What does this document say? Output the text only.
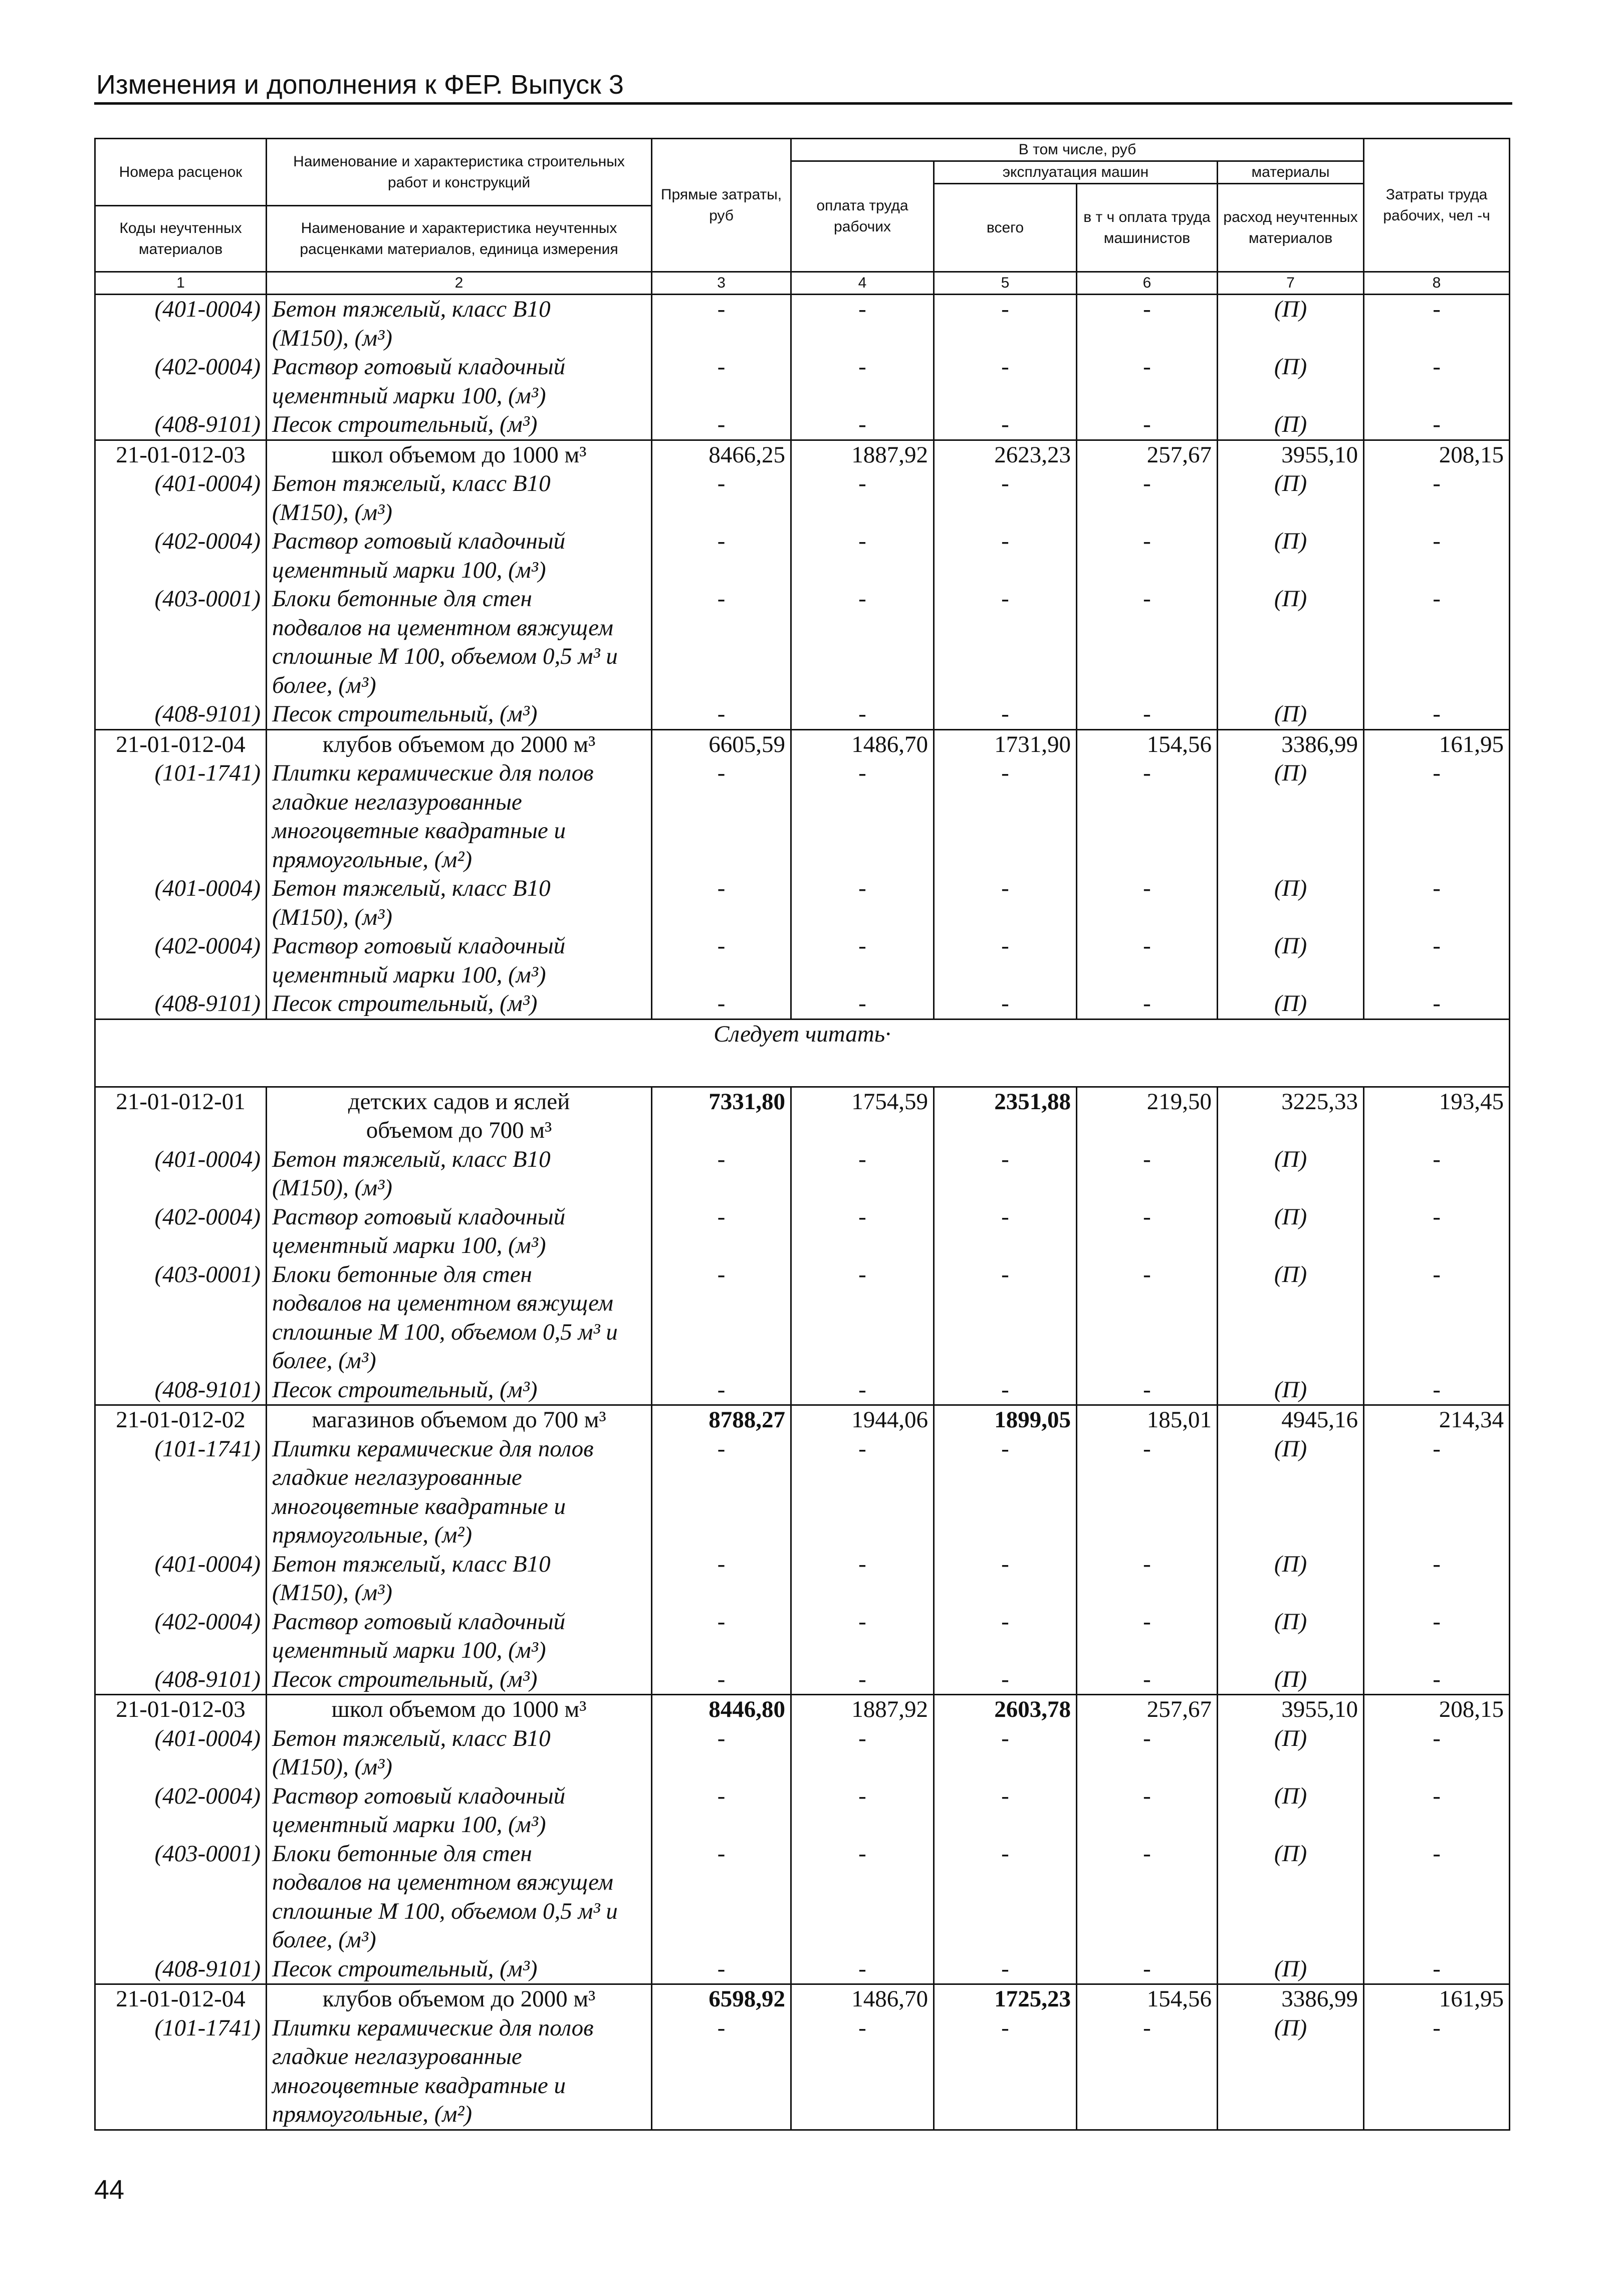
Изменения и дополнения к ФЕР. Выпуск 3
Номера расценок	Наименование и характеристика строительных работ и конструкций	Прямые затраты, руб	В том числе, руб				Затраты труда рабочих, чел -ч
			оплата труда рабочих	эксплуатация машин		материалы	
				всего	в т ч оплата труда машинистов	расход неучтенных материалов	
Коды неучтенных материалов	Наименование и характеристика неучтенных расценками материалов, единица измерения						

1	2	3	4	5	6	7	8
(401-0004)	Бетон тяжелый, класс В10
(М150), (м³)	-	-	-	-	(П)	-
(402-0004)	Раствор готовый кладочный
цементный марки 100, (м³)	-	-	-	-	(П)	-
(408-9101)	Песок строительный, (м³)	-	-	-	-	(П)	-
21-01-012-03	школ объемом до 1000 м³	8466,25	1887,92	2623,23	257,67	3955,10	208,15
(401-0004)	Бетон тяжелый, класс В10
(М150), (м³)	-	-	-	-	(П)	-
(402-0004)	Раствор готовый кладочный
цементный марки 100, (м³)	-	-	-	-	(П)	-
(403-0001)	Блоки бетонные для стен
подвалов на цементном вяжущем
сплошные М 100, объемом 0,5 м³ и
более, (м³)	-	-	-	-	(П)	-
(408-9101)	Песок строительный, (м³)	-	-	-	-	(П)	-
21-01-012-04	клубов объемом до 2000 м³	6605,59	1486,70	1731,90	154,56	3386,99	161,95
(101-1741)	Плитки керамические для полов
гладкие неглазурованные
многоцветные квадратные и
прямоугольные, (м²)	-	-	-	-	(П)	-
(401-0004)	Бетон тяжелый, класс В10
(М150), (м³)	-	-	-	-	(П)	-
(402-0004)	Раствор готовый кладочный
цементный марки 100, (м³)	-	-	-	-	(П)	-
(408-9101)	Песок строительный, (м³)	-	-	-	-	(П)	-
Следует читать·							
21-01-012-01	детских садов и яслей
объемом до 700 м³	7331,80	1754,59	2351,88	219,50	3225,33	193,45
(401-0004)	Бетон тяжелый, класс В10
(М150), (м³)	-	-	-	-	(П)	-
(402-0004)	Раствор готовый кладочный
цементный марки 100, (м³)	-	-	-	-	(П)	-
(403-0001)	Блоки бетонные для стен
подвалов на цементном вяжущем
сплошные М 100, объемом 0,5 м³ и
более, (м³)	-	-	-	-	(П)	-
(408-9101)	Песок строительный, (м³)	-	-	-	-	(П)	-
21-01-012-02	магазинов объемом до 700 м³	8788,27	1944,06	1899,05	185,01	4945,16	214,34
(101-1741)	Плитки керамические для полов
гладкие неглазурованные
многоцветные квадратные и
прямоугольные, (м²)	-	-	-	-	(П)	-
(401-0004)	Бетон тяжелый, класс В10
(М150), (м³)	-	-	-	-	(П)	-
(402-0004)	Раствор готовый кладочный
цементный марки 100, (м³)	-	-	-	-	(П)	-
(408-9101)	Песок строительный, (м³)	-	-	-	-	(П)	-
21-01-012-03	школ объемом до 1000 м³	8446,80	1887,92	2603,78	257,67	3955,10	208,15
(401-0004)	Бетон тяжелый, класс В10
(М150), (м³)	-	-	-	-	(П)	-
(402-0004)	Раствор готовый кладочный
цементный марки 100, (м³)	-	-	-	-	(П)	-
(403-0001)	Блоки бетонные для стен
подвалов на цементном вяжущем
сплошные М 100, объемом 0,5 м³ и
более, (м³)	-	-	-	-	(П)	-
(408-9101)	Песок строительный, (м³)	-	-	-	-	(П)	-
21-01-012-04	клубов объемом до 2000 м³	6598,92	1486,70	1725,23	154,56	3386,99	161,95
(101-1741)	Плитки керамические для полов
гладкие неглазурованные
многоцветные квадратные и
прямоугольные, (м²)	-	-	-	-	(П)	-
44
